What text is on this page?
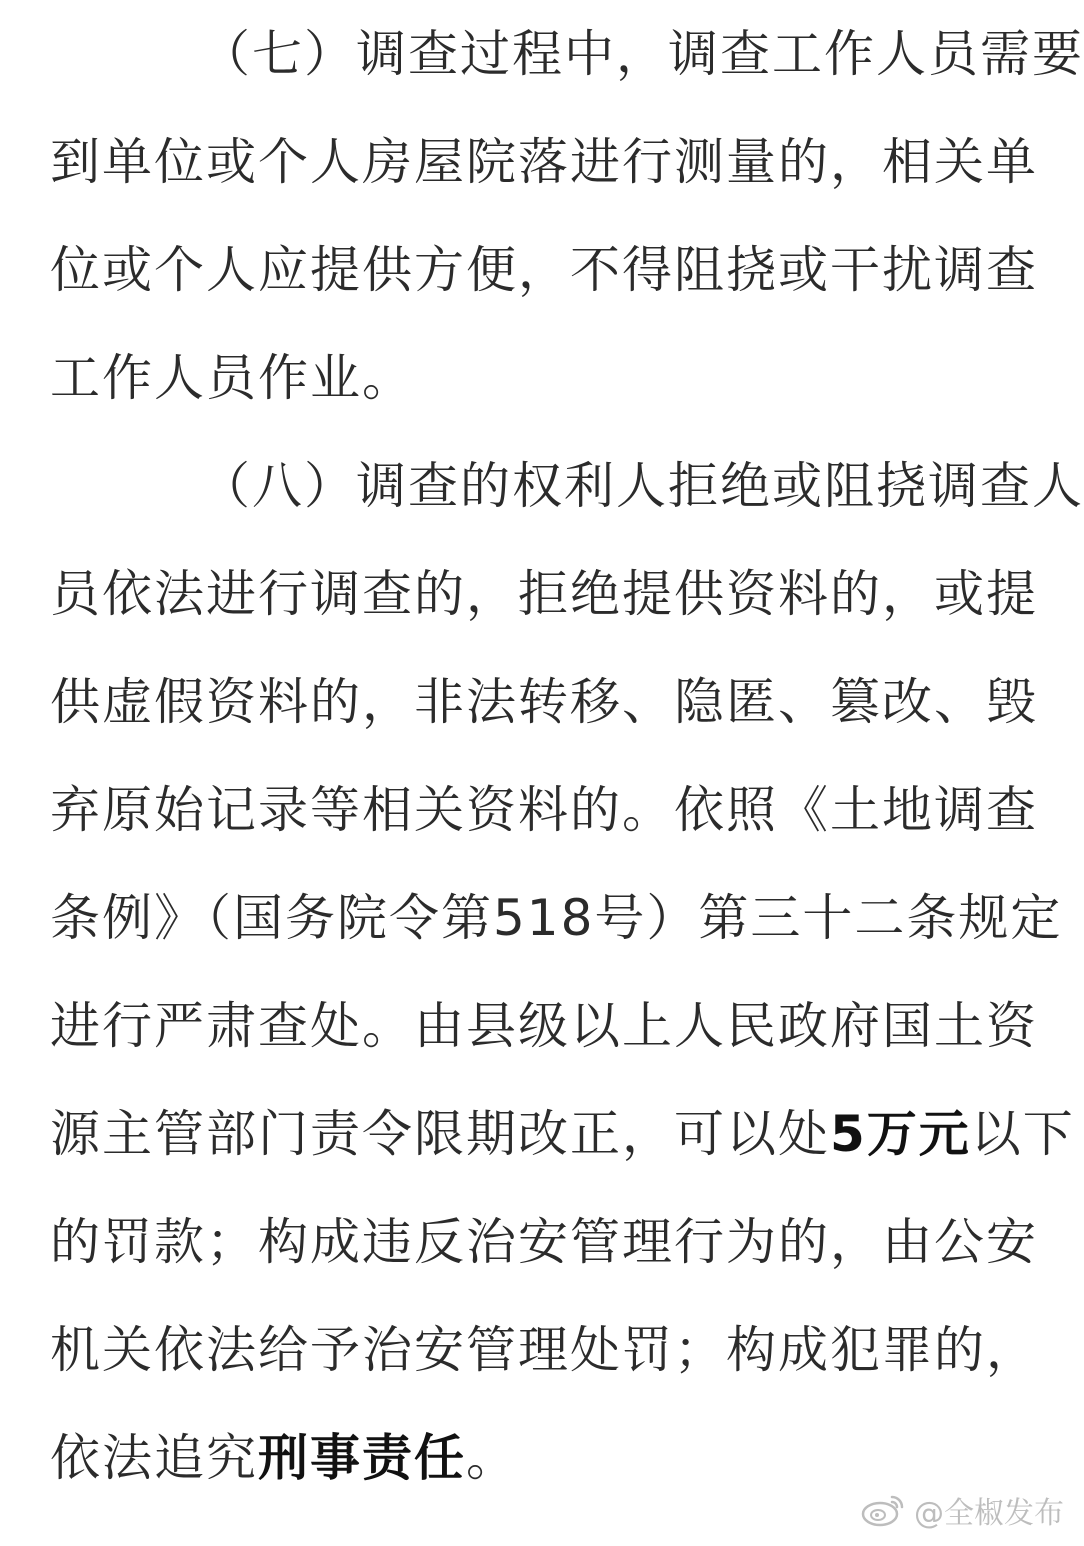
（七）调查过程中，调查工作人员需要
到单位或个人房屋院落进行测量的，相关单
位或个人应提供方便，不得阻挠或干扰调查
工作人员作业。
（八）调查的权利人拒绝或阻挠调查人
员依法进行调查的，拒绝提供资料的，或提
供虚假资料的，非法转移、隐匿、篡改、毁
弃原始记录等相关资料的。依照《土地调查
条例》（国务院令第518号）第三十二条规定
进行严肃查处。由县级以上人民政府国土资
源主管部门责令限期改正，可以处5万元以下
的罚款；构成违反治安管理行为的，由公安
机关依法给予治安管理处罚；构成犯罪的，
依法追究刑事责任。
@全椒发布
